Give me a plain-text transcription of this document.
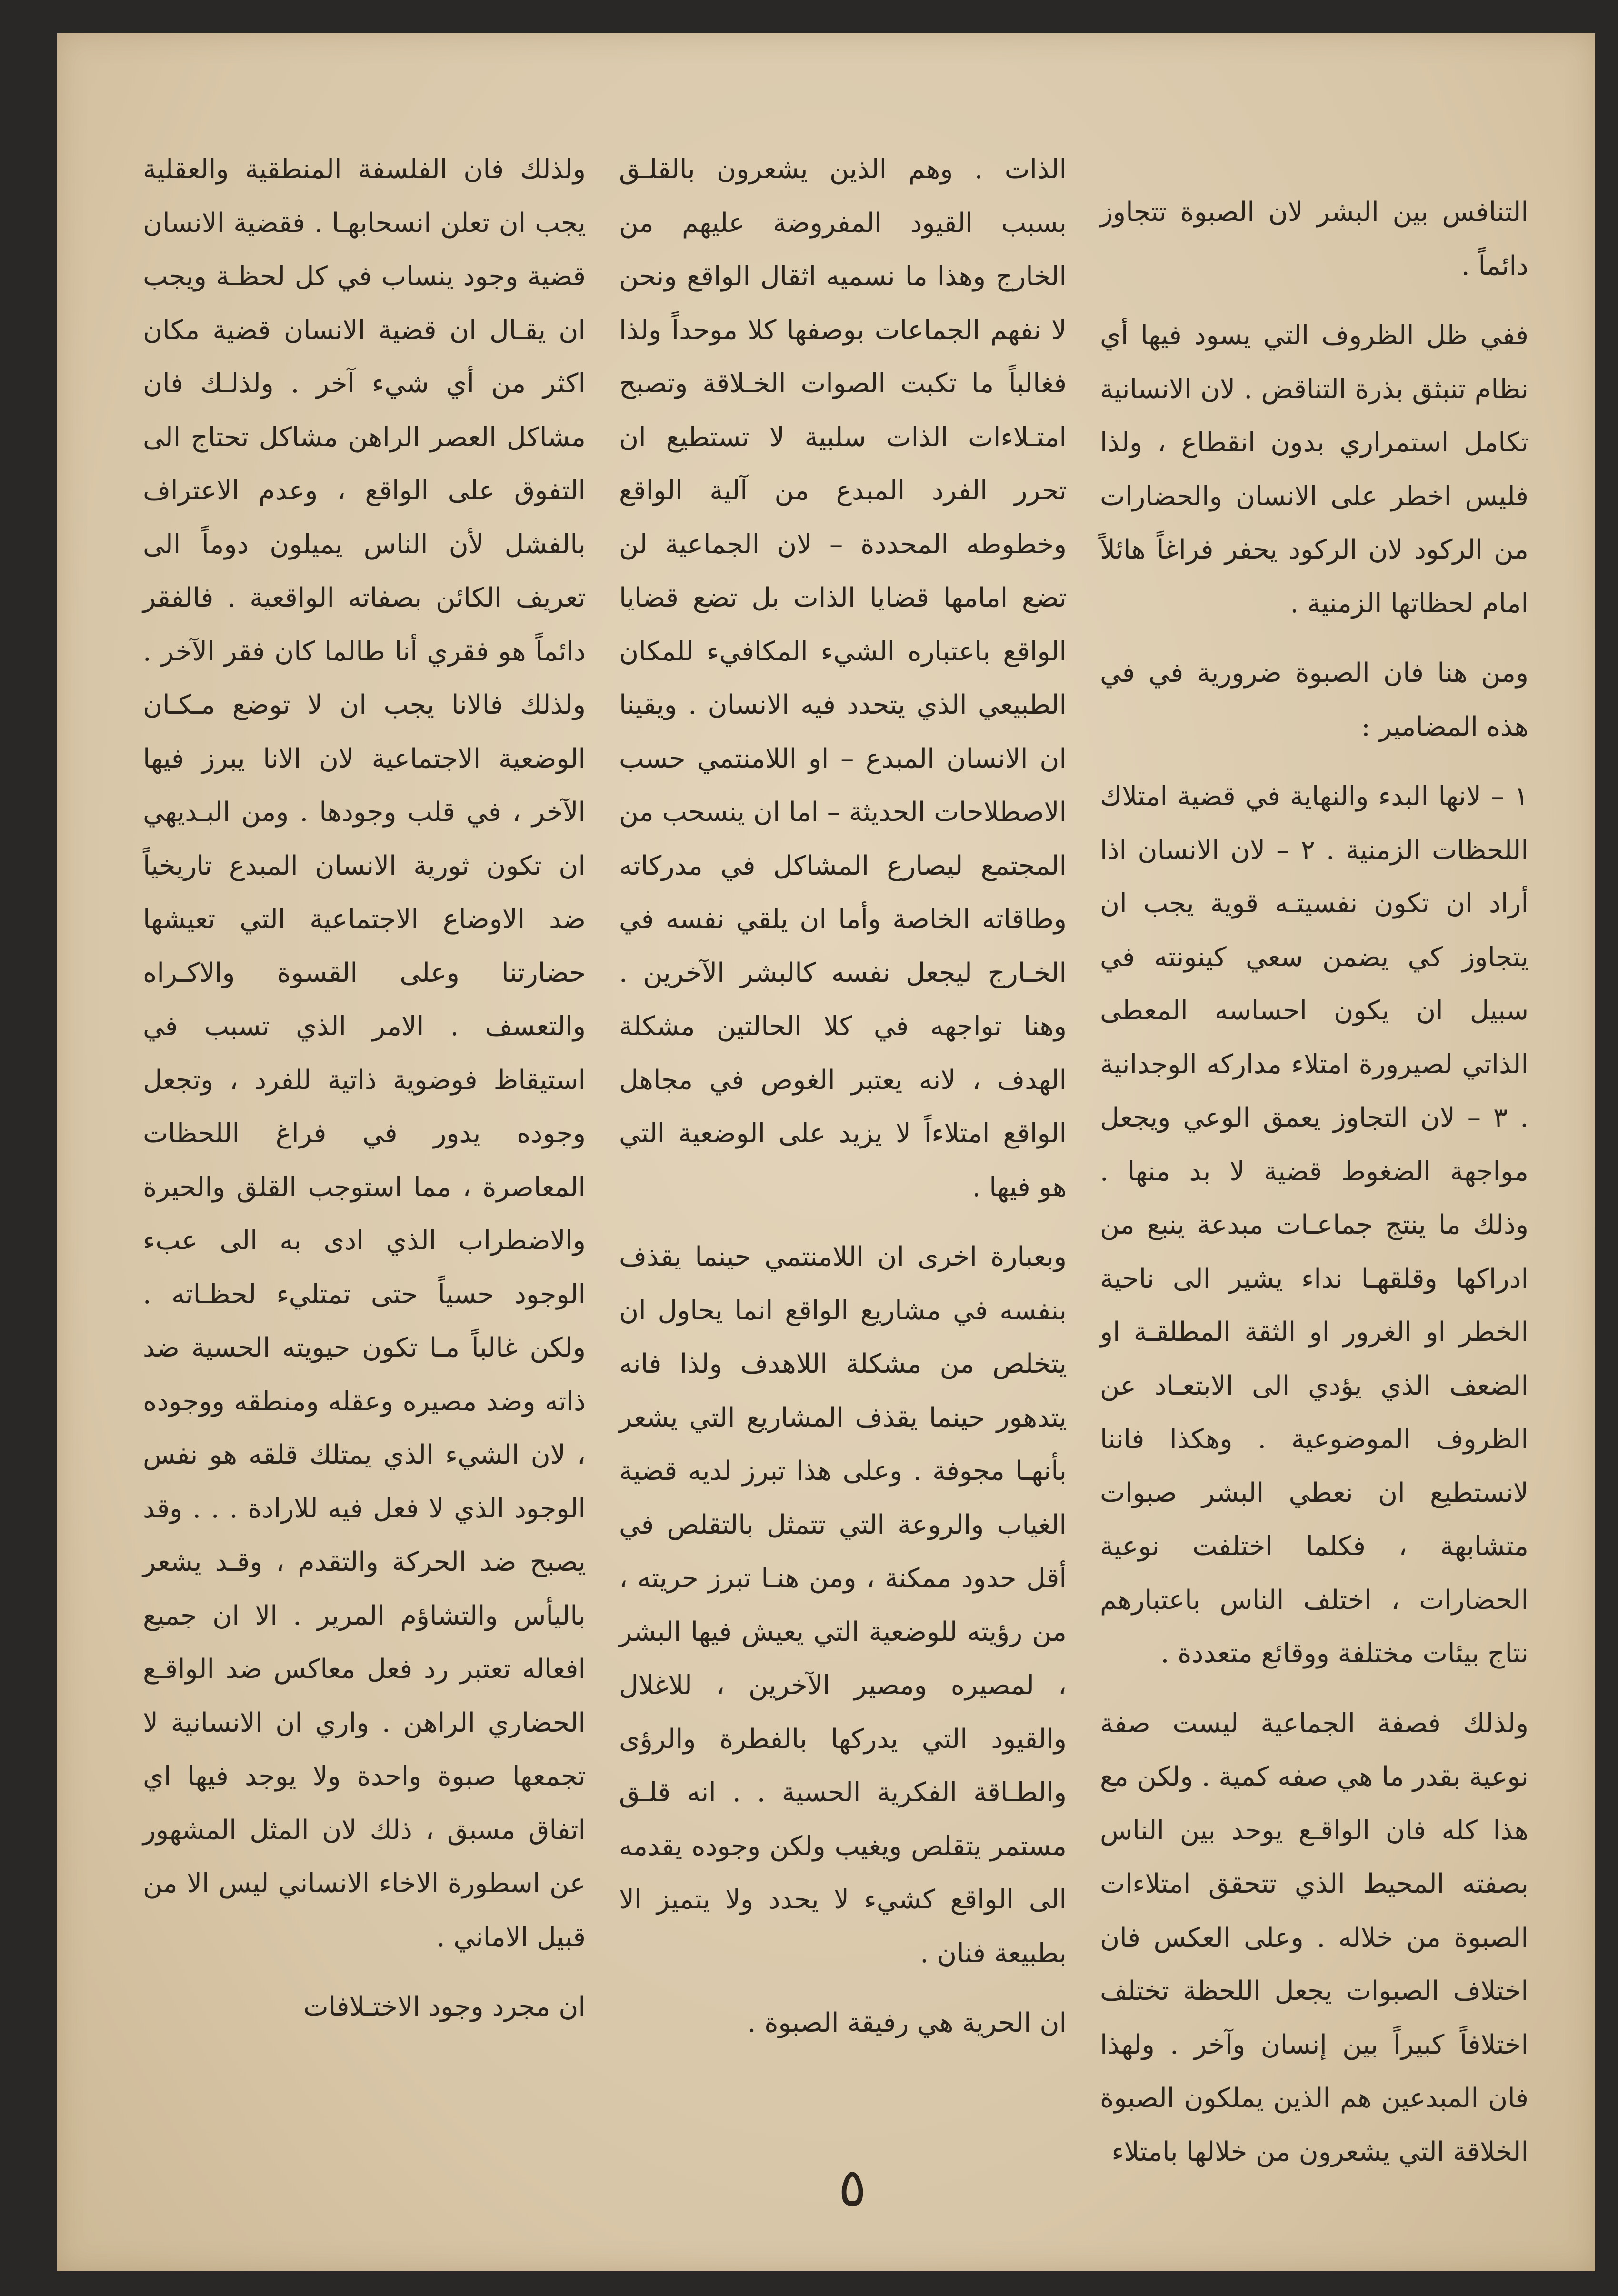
التنافس بين البشر لان الصبوة تتجاوز دائماً .

ففي ظل الظروف التي يسود فيها أي نظام تنبثق بذرة التناقض . لان الانسانية تكامل استمراري بدون انقطاع ، ولذا فليس اخطر على الانسان والحضارات من الركود لان الركود يحفر فراغاً هائلاً امام لحظاتها الزمنية .

ومن هنا فان الصبوة ضرورية في في هذه المضامير :

١ – لانها البدء والنهاية في قضية امتلاك اللحظات الزمنية . ٢ – لان الانسان اذا أراد ان تكون نفسيتـه قوية يجب ان يتجاوز كي يضمن سعي كينونته في سبيل ان يكون احساسه المعطى الذاتي لصيرورة امتلاء مداركه الوجدانية . ٣ – لان التجاوز يعمق الوعي ويجعل مواجهة الضغوط قضية لا بد منها . وذلك ما ينتج جماعـات مبدعة ينبع من ادراكها وقلقهـا نداء يشير الى ناحية الخطر او الغرور او الثقة المطلقـة او الضعف الذي يؤدي الى الابتعـاد عن الظروف الموضوعية . وهكذا فاننا لانستطيع ان نعطي البشر صبوات متشابهة ، فكلما اختلفت نوعية الحضارات ، اختلف الناس باعتبارهم نتاج بيئات مختلفة ووقائع متعددة .

ولذلك فصفة الجماعية ليست صفة نوعية بقدر ما هي صفه كمية . ولكن مع هذا كله فان الواقـع يوحد بين الناس بصفته المحيط الذي تتحقق امتلاءات الصبوة من خلاله . وعلى العكس فان اختلاف الصبوات يجعل اللحظة تختلف اختلافاً كبيراً بين إنسان وآخر . ولهذا فان المبدعين هم الذين يملكون الصبوة الخلاقة التي يشعرون من خلالها بامتلاء

الذات . وهم الذين يشعرون بالقلـق بسبب القيود المفروضة عليهم من الخارج وهذا ما نسميه اثقال الواقع ونحن لا نفهم الجماعات بوصفها كلا موحداً ولذا فغالباً ما تكبت الصوات الخـلاقة وتصبح امتـلاءات الذات سلبية لا تستطيع ان تحرر الفرد المبدع من آلية الواقع وخطوطه المحددة – لان الجماعية لن تضع امامها قضايا الذات بل تضع قضايا الواقع باعتباره الشيء المكافيء للمكان الطبيعي الذي يتحدد فيه الانسان . ويقينا ان الانسان المبدع – او اللامنتمي حسب الاصطلاحات الحديثة – اما ان ينسحب من المجتمع ليصارع المشاكل في مدركاته وطاقاته الخاصة وأما ان يلقي نفسه في الخـارج ليجعل نفسه كالبشر الآخرين . وهنا تواجهه في كلا الحالتين مشكلة الهدف ، لانه يعتبر الغوص في مجاهل الواقع امتلاءاً لا يزيد على الوضعية التي هو فيها .

وبعبارة اخرى ان اللامنتمي حينما يقذف بنفسه في مشاريع الواقع انما يحاول ان يتخلص من مشكلة اللاهدف ولذا فانه يتدهور حينما يقذف المشاريع التي يشعر بأنهـا مجوفة . وعلى هذا تبرز لديه قضية الغياب والروعة التي تتمثل بالتقلص في أقل حدود ممكنة ، ومن هنـا تبرز حريته ، من رؤيته للوضعية التي يعيش فيها البشر ، لمصيره ومصير الآخرين ، للاغلال والقيود التي يدركها بالفطرة والرؤى والطـاقة الفكرية الحسية . . انه قلـق مستمر يتقلص ويغيب ولكن وجوده يقدمه الى الواقع كشيء لا يحدد ولا يتميز الا بطبيعة فنان .

ان الحرية هي رفيقة الصبوة .

ولذلك فان الفلسفة المنطقية والعقلية يجب ان تعلن انسحابهـا . فقضية الانسان قضية وجود ينساب في كل لحظـة ويجب ان يقـال ان قضية الانسان قضية مكان اكثر من أي شيء آخر . ولذلـك فان مشاكل العصر الراهن مشاكل تحتاج الى التفوق على الواقع ، وعدم الاعتراف بالفشل لأن الناس يميلون دوماً الى تعريف الكائن بصفاته الواقعية . فالفقر دائماً هو فقري أنا طالما كان فقر الآخر . ولذلك فالانا يجب ان لا توضع مـكـان الوضعية الاجتماعية لان الانا يبرز فيها الآخر ، في قلب وجودها . ومن البـديهي ان تكون ثورية الانسان المبدع تاريخياً ضد الاوضاع الاجتماعية التي تعيشها حضارتنا وعلى القسوة والاكـراه والتعسف . الامر الذي تسبب في استيقاظ فوضوية ذاتية للفرد ، وتجعل وجوده يدور في فراغ اللحظات المعاصرة ، مما استوجب القلق والحيرة والاضطراب الذي ادى به الى عبء الوجود حسياً حتى تمتليء لحظـاته . ولكن غالباً مـا تكون حيويته الحسية ضد ذاته وضد مصيره وعقله ومنطقه ووجوده ، لان الشيء الذي يمتلك قلقه هو نفس الوجود الذي لا فعل فيه للارادة . . . وقد يصبح ضد الحركة والتقدم ، وقـد يشعر باليأس والتشاؤم المرير . الا ان جميع افعاله تعتبر رد فعل معاكس ضد الواقـع الحضاري الراهن . واري ان الانسانية لا تجمعها صبوة واحدة ولا يوجد فيها اي اتفاق مسبق ، ذلك لان المثل المشهور عن اسطورة الاخاء الانساني ليس الا من قبيل الاماني .

ان مجرد وجود الاختـلافات

٥
